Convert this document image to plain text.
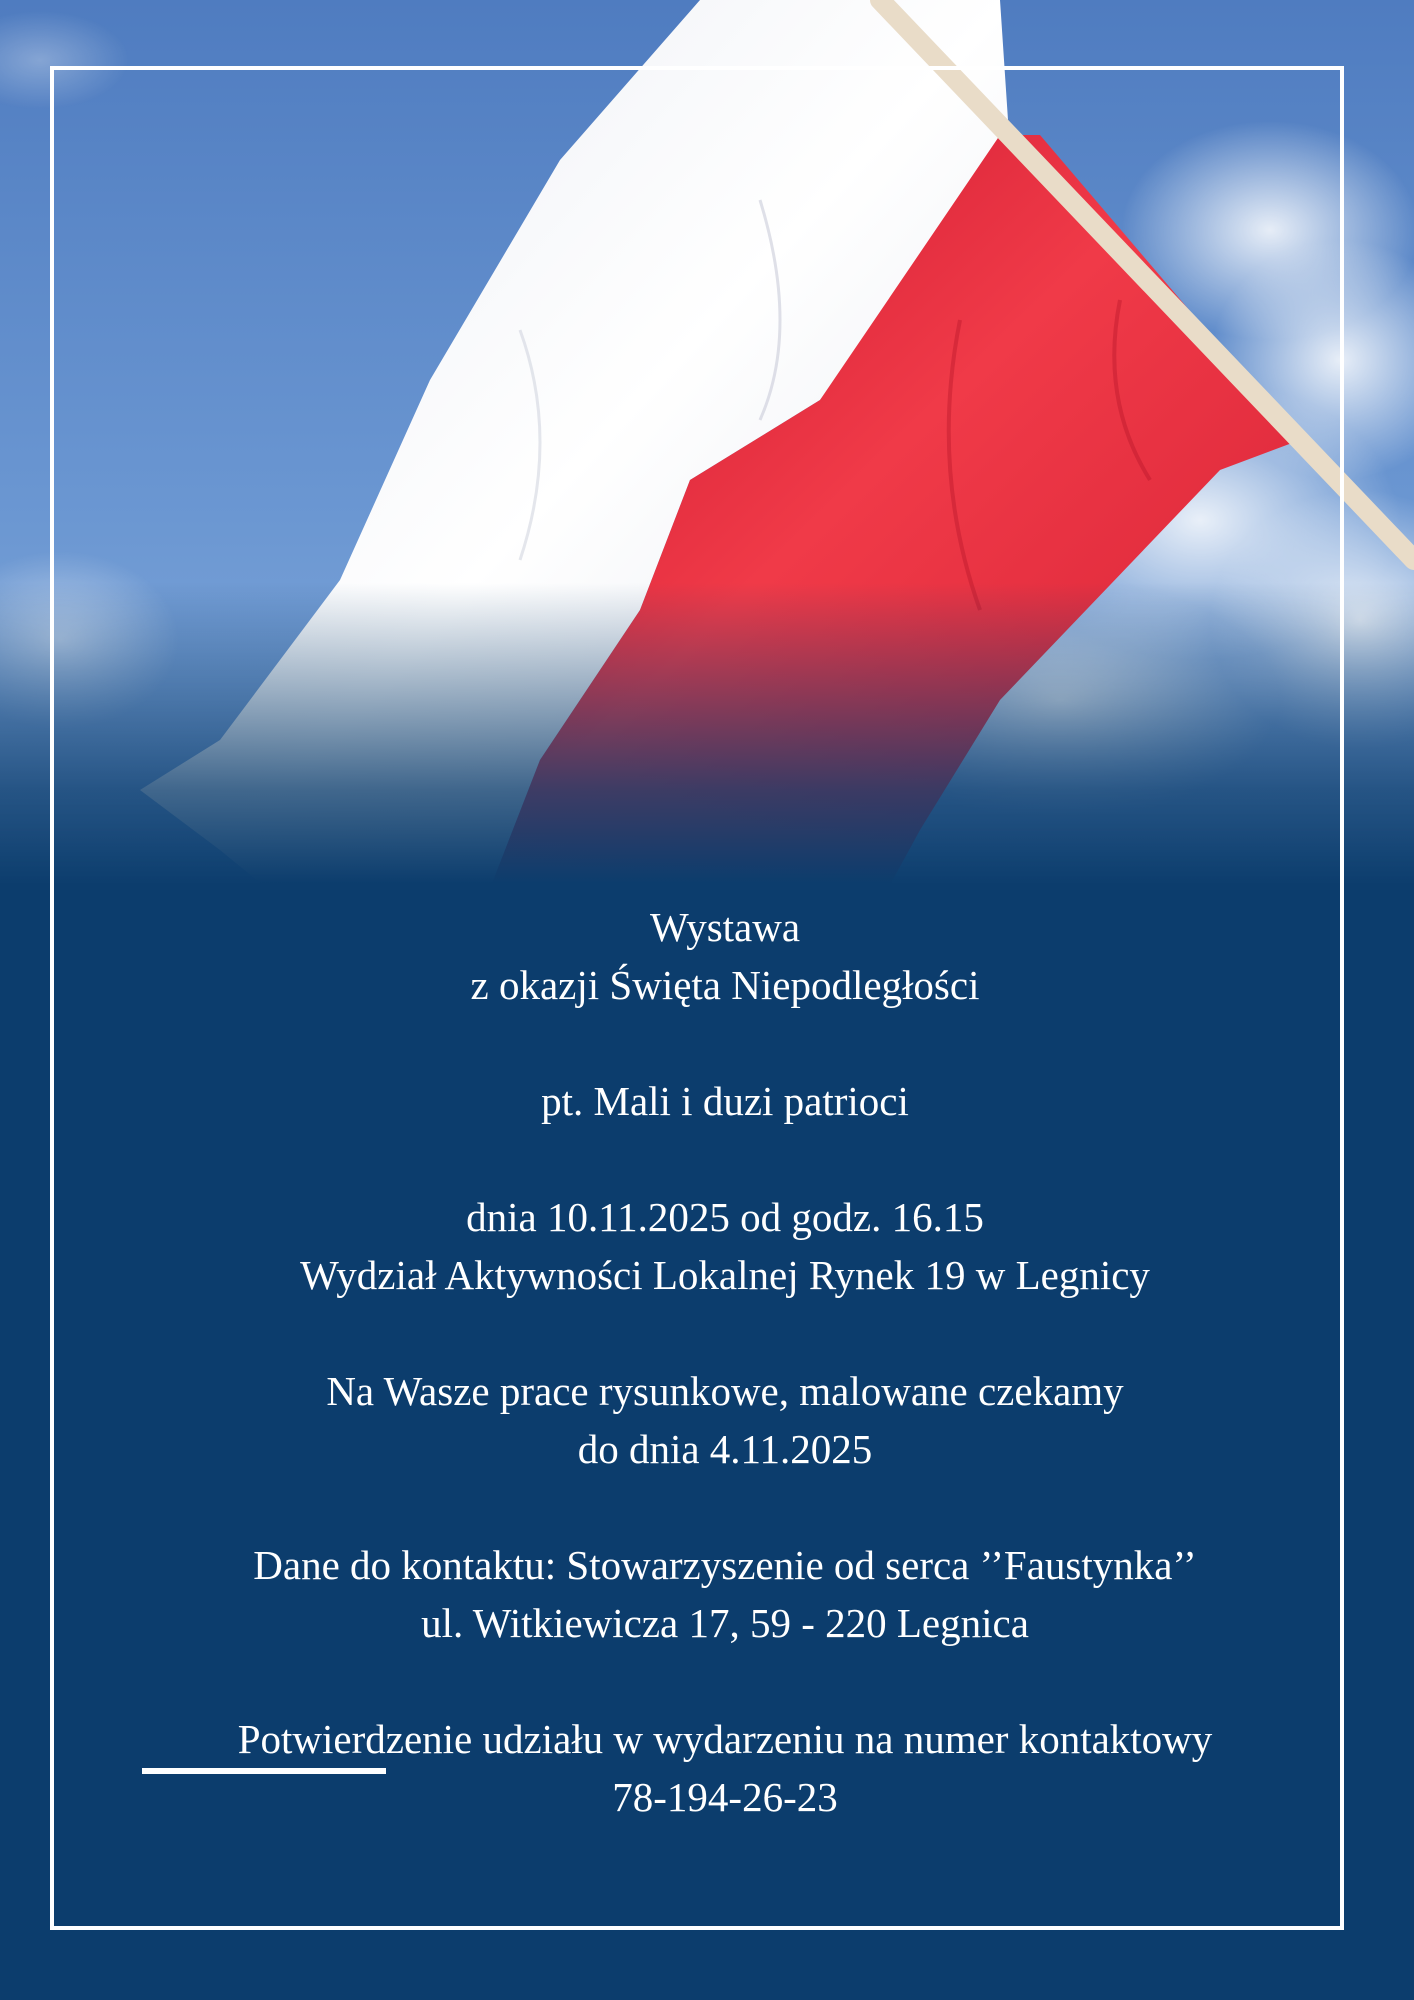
Wystawa
z okazji Święta Niepodległości
pt. Mali i duzi patrioci
dnia 10.11.2025 od godz. 16.15
Wydział Aktywności Lokalnej Rynek 19 w Legnicy
Na Wasze prace rysunkowe, malowane czekamy
do dnia 4.11.2025
Dane do kontaktu: Stowarzyszenie od serca ’’Faustynka’’
ul. Witkiewicza 17, 59 - 220 Legnica
Potwierdzenie udziału w wydarzeniu na numer kontaktowy
78-194-26-23
